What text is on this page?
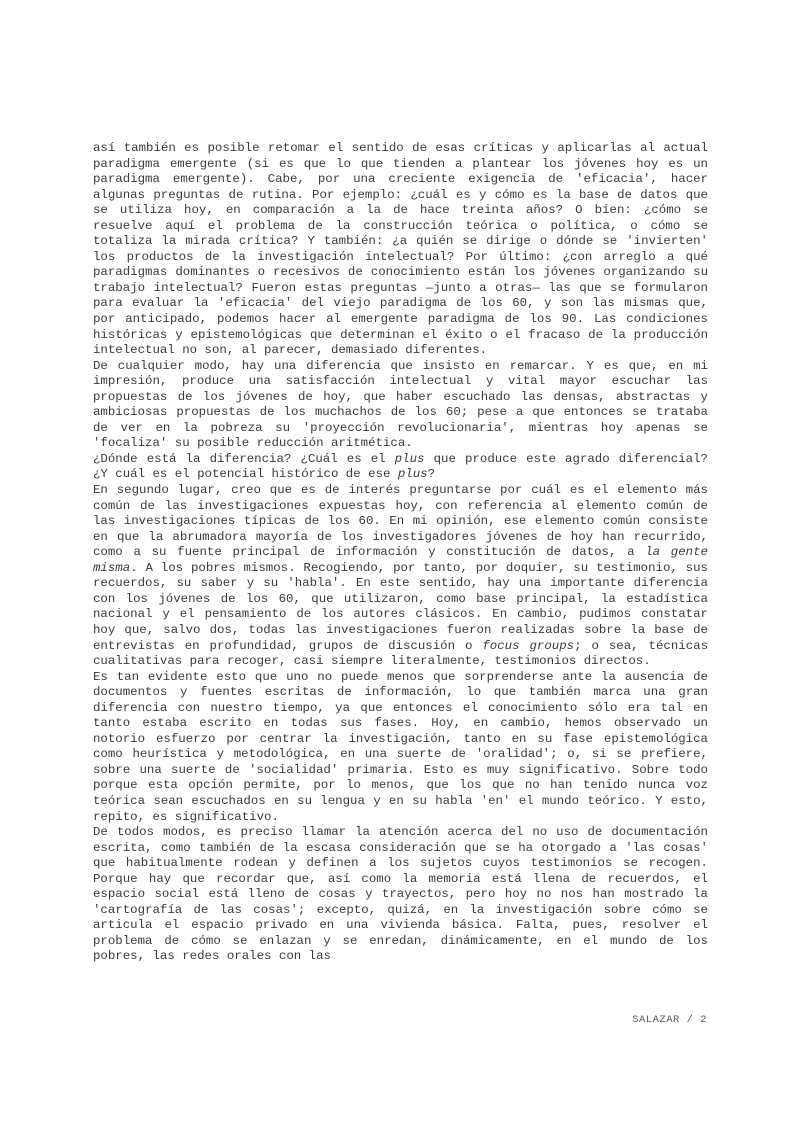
así también es posible retomar el sentido de esas críticas y aplicarlas al actual paradigma emergente (si es que lo que tienden a plantear los jóvenes hoy es un paradigma emergente). Cabe, por una creciente exigencia de 'eficacia', hacer algunas preguntas de rutina. Por ejemplo: ¿cuál es y cómo es la base de datos que se utiliza hoy, en comparación a la de hace treinta años? O bien: ¿cómo se resuelve aquí el problema de la construcción teórica o política, o cómo se totaliza la mirada crítica? Y también: ¿a quién se dirige o dónde se 'invierten' los productos de la investigación intelectual? Por último: ¿con arreglo a qué paradigmas dominantes o recesivos de conocimiento están los jóvenes organizando su trabajo intelectual? Fueron estas preguntas —junto a otras— las que se formularon para evaluar la 'eficacia' del viejo paradigma de los 60, y son las mismas que, por anticipado, podemos hacer al emergente paradigma de los 90. Las condiciones históricas y epistemológicas que determinan el éxito o el fracaso de la producción intelectual no son, al parecer, demasiado diferentes.

De cualquier modo, hay una diferencia que insisto en remarcar. Y es que, en mi impresión, produce una satisfacción intelectual y vital mayor escuchar las propuestas de los jóvenes de hoy, que haber escuchado las densas, abstractas y ambiciosas propuestas de los muchachos de los 60; pese a que entonces se trataba de ver en la pobreza su 'proyección revolucionaria', mientras hoy apenas se 'focaliza' su posible reducción aritmética.

¿Dónde está la diferencia? ¿Cuál es el plus que produce este agrado diferencial? ¿Y cuál es el potencial histórico de ese plus?

En segundo lugar, creo que es de interés preguntarse por cuál es el elemento más común de las investigaciones expuestas hoy, con referencia al elemento común de las investigaciones típicas de los 60. En mi opinión, ese elemento común consiste en que la abrumadora mayoría de los investigadores jóvenes de hoy han recurrido, como a su fuente principal de información y constitución de datos, a la gente misma. A los pobres mismos. Recogiendo, por tanto, por doquier, su testimonio, sus recuerdos, su saber y su 'habla'. En este sentido, hay una importante diferencia con los jóvenes de los 60, que utilizaron, como base principal, la estadística nacional y el pensamiento de los autores clásicos. En cambio, pudimos constatar hoy que, salvo dos, todas las investigaciones fueron realizadas sobre la base de entrevistas en profundidad, grupos de discusión o focus groups; o sea, técnicas cualitativas para recoger, casi siempre literalmente, testimonios directos.

Es tan evidente esto que uno no puede menos que sorprenderse ante la ausencia de documentos y fuentes escritas de información, lo que también marca una gran diferencia con nuestro tiempo, ya que entonces el conocimiento sólo era tal en tanto estaba escrito en todas sus fases. Hoy, en cambio, hemos observado un notorio esfuerzo por centrar la investigación, tanto en su fase epistemológica como heurística y metodológica, en una suerte de 'oralidad'; o, si se prefiere, sobre una suerte de 'socialidad' primaria. Esto es muy significativo. Sobre todo porque esta opción permite, por lo menos, que los que no han tenido nunca voz teórica sean escuchados en su lengua y en su habla 'en' el mundo teórico. Y esto, repito, es significativo.

De todos modos, es preciso llamar la atención acerca del no uso de documentación escrita, como también de la escasa consideración que se ha otorgado a 'las cosas' que habitualmente rodean y definen a los sujetos cuyos testimonios se recogen. Porque hay que recordar que, así como la memoria está llena de recuerdos, el espacio social está lleno de cosas y trayectos, pero hoy no nos han mostrado la 'cartografía de las cosas'; excepto, quizá, en la investigación sobre cómo se articula el espacio privado en una vivienda básica. Falta, pues, resolver el problema de cómo se enlazan y se enredan, dinámicamente, en el mundo de los pobres, las redes orales con las

SALAZAR / 2
